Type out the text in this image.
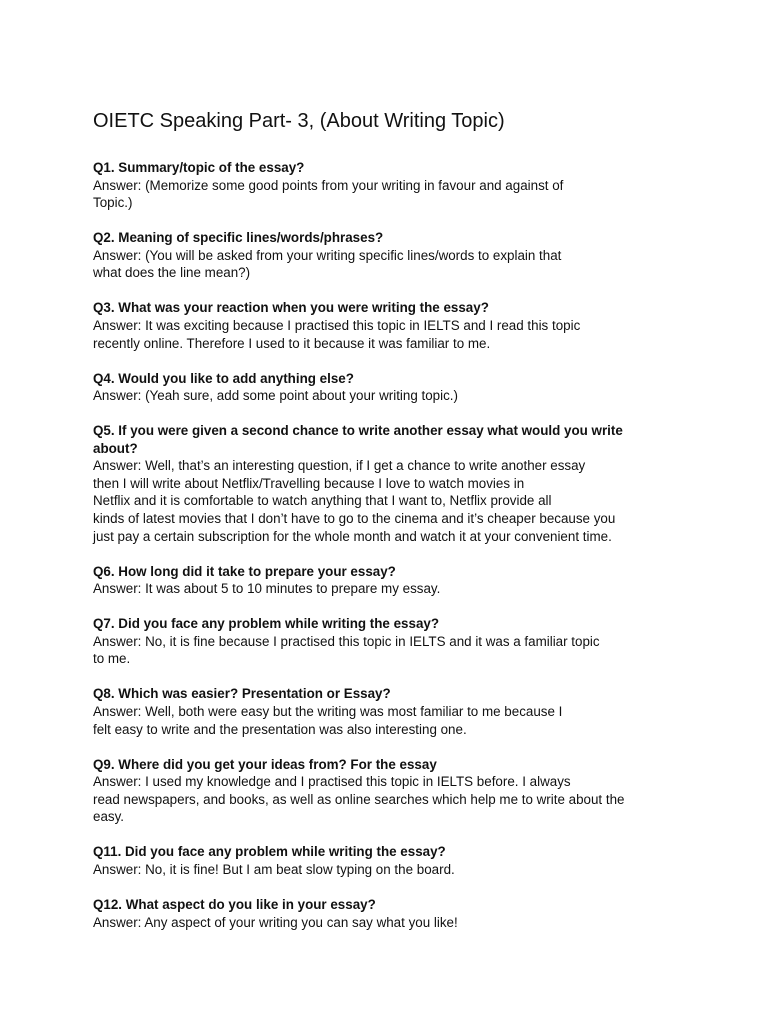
OIETC Speaking Part- 3, (About Writing Topic)
Q1. Summary/topic of the essay?
Answer: (Memorize some good points from your writing in favour and against of
Topic.)
Q2. Meaning of specific lines/words/phrases?
Answer: (You will be asked from your writing specific lines/words to explain that
what does the line mean?)
Q3. What was your reaction when you were writing the essay?
Answer: It was exciting because I practised this topic in IELTS and I read this topic
recently online. Therefore I used to it because it was familiar to me.
Q4. Would you like to add anything else?
Answer: (Yeah sure, add some point about your writing topic.)
Q5. If you were given a second chance to write another essay what would you write
about?
Answer: Well, that’s an interesting question, if I get a chance to write another essay
then I will write about Netflix/Travelling because I love to watch movies in
Netflix and it is comfortable to watch anything that I want to, Netflix provide all
kinds of latest movies that I don’t have to go to the cinema and it’s cheaper because you
just pay a certain subscription for the whole month and watch it at your convenient time.
Q6. How long did it take to prepare your essay?
Answer: It was about 5 to 10 minutes to prepare my essay.
Q7. Did you face any problem while writing the essay?
Answer: No, it is fine because I practised this topic in IELTS and it was a familiar topic
to me.
Q8. Which was easier? Presentation or Essay?
Answer: Well, both were easy but the writing was most familiar to me because I
felt easy to write and the presentation was also interesting one.
Q9. Where did you get your ideas from? For the essay
Answer: I used my knowledge and I practised this topic in IELTS before. I always
read newspapers, and books, as well as online searches which help me to write about the
easy.
Q11. Did you face any problem while writing the essay?
Answer: No, it is fine! But I am beat slow typing on the board.
Q12. What aspect do you like in your essay?
Answer: Any aspect of your writing you can say what you like!
